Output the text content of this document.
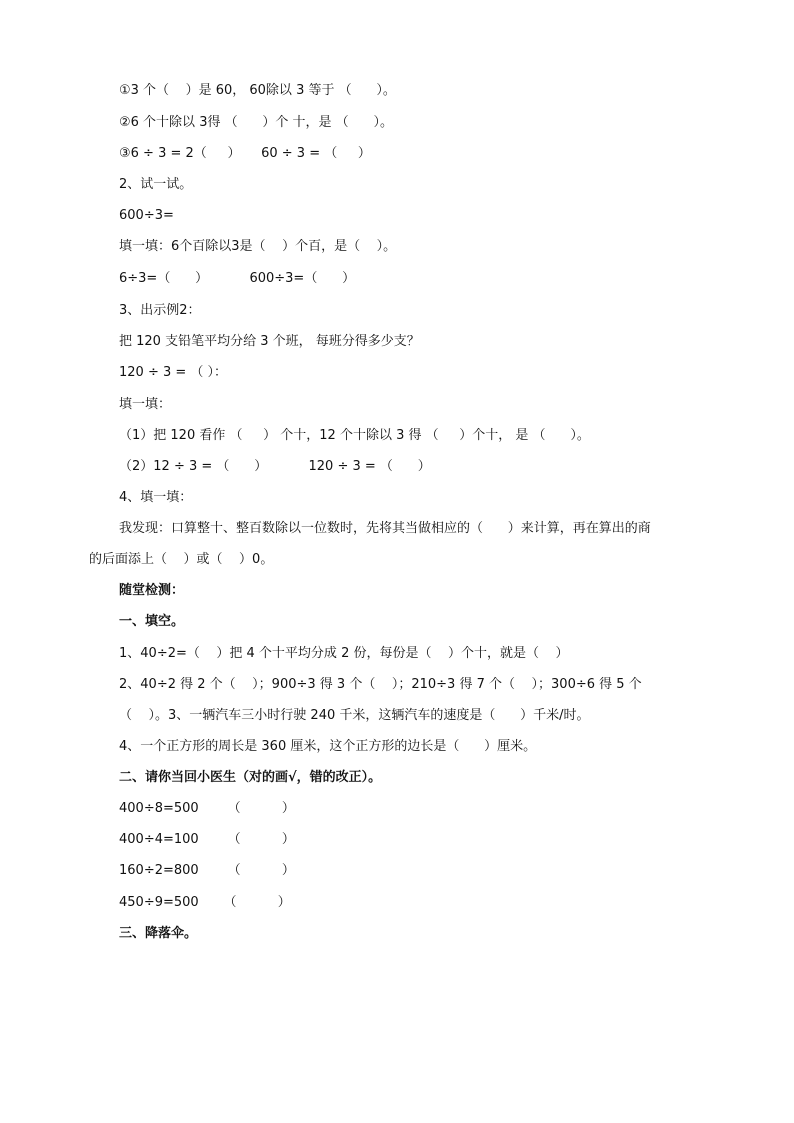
①3 个（    ）是 60， 60除以 3 等于 （      ）。
②6 个十除以 3得 （      ）个 十，是 （      ）。
③6 ÷ 3 = 2（     ）     60 ÷ 3 = （     ）
2、试一试。
600÷3=
填一填：6个百除以3是（    ）个百，是（    ）。
6÷3=（      ）          600÷3=（      ）
3、出示例2：
把 120 支铅笔平均分给 3 个班， 每班分得多少支？
120 ÷ 3 = （ ）：
填一填：
（1）把 120 看作 （     ） 个十，12 个十除以 3 得 （     ）个十， 是 （      ）。
（2）12 ÷ 3 = （      ）          120 ÷ 3 = （      ）
4、填一填：
我发现：口算整十、整百数除以一位数时，先将其当做相应的（      ）来计算，再在算出的商
的后面添上（    ）或（    ）0。
随堂检测：
一、填空。
1、40÷2=（    ）把 4 个十平均分成 2 份，每份是（    ）个十，就是（    ）
2、40÷2 得 2 个（    ）；900÷3 得 3 个（    ）；210÷3 得 7 个（    ）；300÷6 得 5 个
（    ）。3、一辆汽车三小时行驶 240 千米，这辆汽车的速度是（      ）千米/时。
4、一个正方形的周长是 360 厘米，这个正方形的边长是（      ）厘米。
二、请你当回小医生（对的画√，错的改正）。
400÷8=500       （          ）
400÷4=100       （          ）
160÷2=800       （          ）
450÷9=500      （          ）
三、降落伞。
